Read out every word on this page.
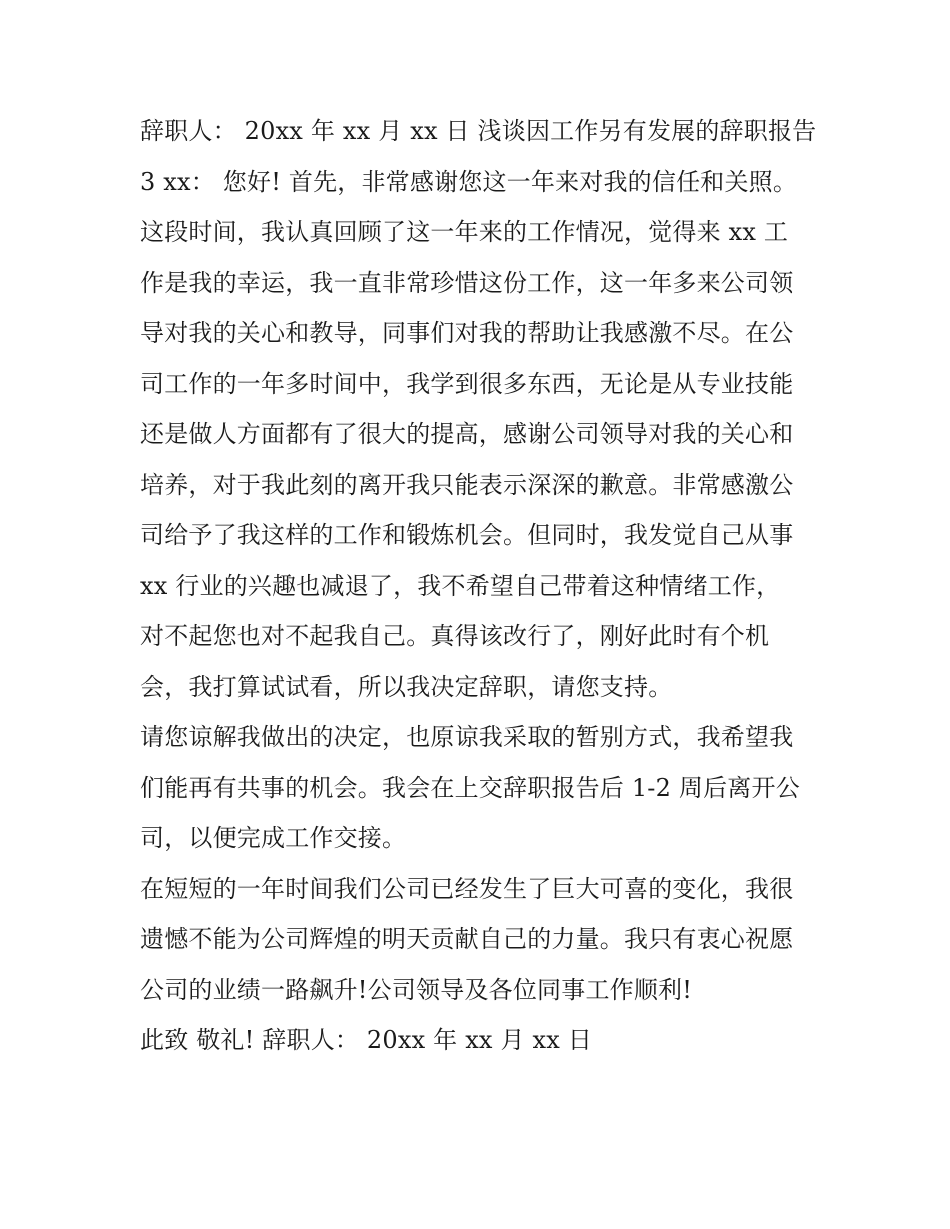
辞职人： 20xx 年 xx 月 xx 日 浅谈因工作另有发展的辞职报告
3 xx： 您好! 首先，非常感谢您这一年来对我的信任和关照。
这段时间，我认真回顾了这一年来的工作情况，觉得来 xx 工
作是我的幸运，我一直非常珍惜这份工作，这一年多来公司领
导对我的关心和教导，同事们对我的帮助让我感激不尽。在公
司工作的一年多时间中，我学到很多东西，无论是从专业技能
还是做人方面都有了很大的提高，感谢公司领导对我的关心和
培养，对于我此刻的离开我只能表示深深的歉意。非常感激公
司给予了我这样的工作和锻炼机会。但同时，我发觉自己从事
xx 行业的兴趣也减退了，我不希望自己带着这种情绪工作，
对不起您也对不起我自己。真得该改行了，刚好此时有个机
会，我打算试试看，所以我决定辞职，请您支持。
请您谅解我做出的决定，也原谅我采取的暂别方式，我希望我
们能再有共事的机会。我会在上交辞职报告后 1-2 周后离开公
司，以便完成工作交接。
在短短的一年时间我们公司已经发生了巨大可喜的变化，我很
遗憾不能为公司辉煌的明天贡献自己的力量。我只有衷心祝愿
公司的业绩一路飙升!公司领导及各位同事工作顺利!
此致 敬礼! 辞职人： 20xx 年 xx 月 xx 日
